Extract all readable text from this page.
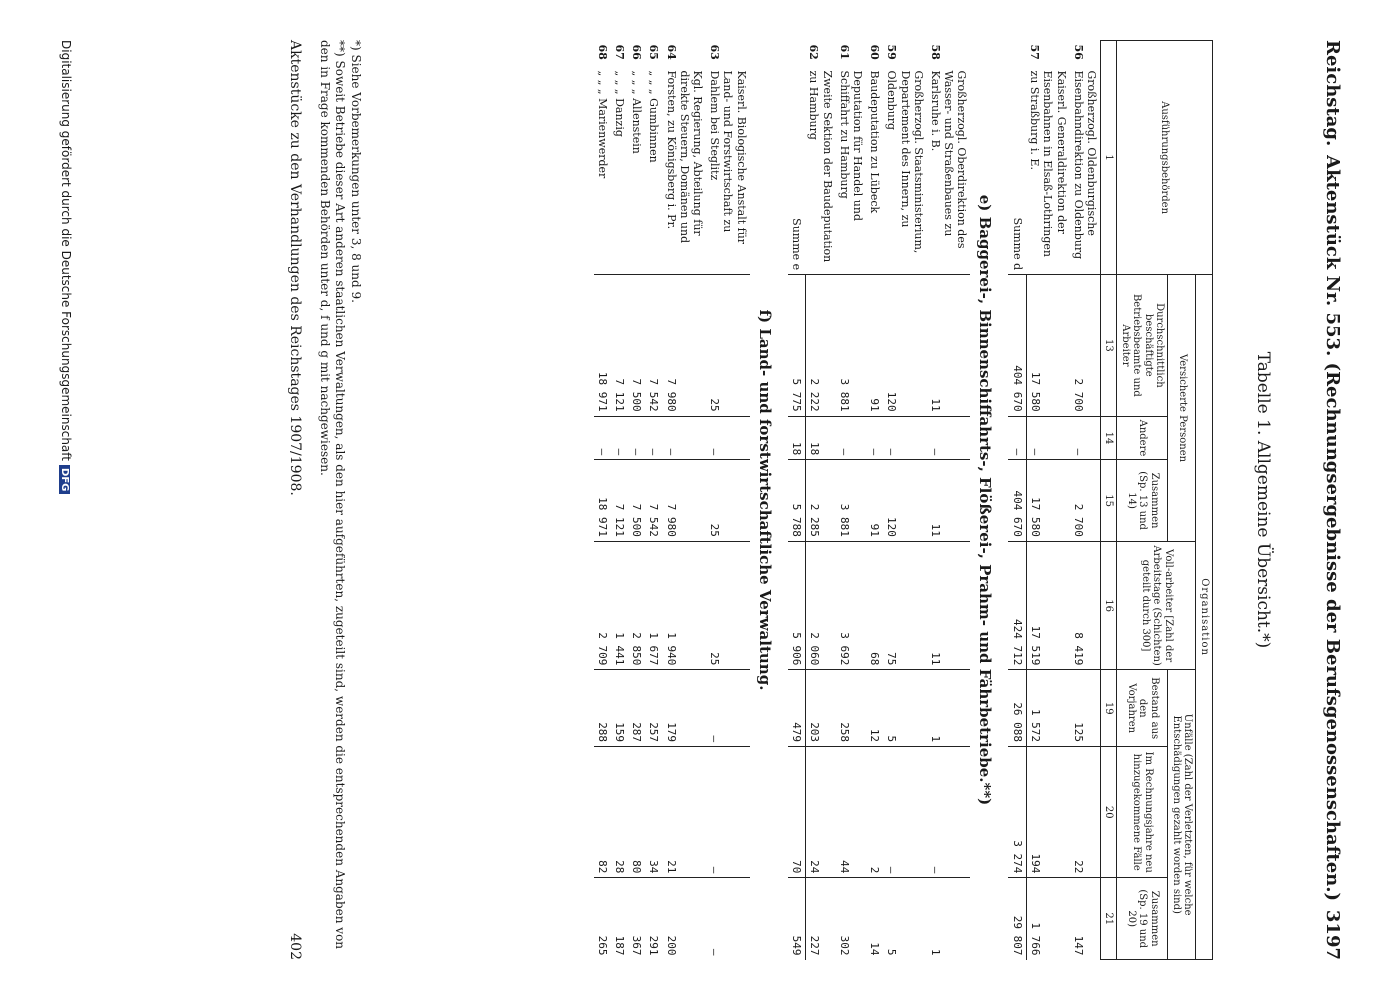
Reichstag.
Aktenstück Nr. 553. (Rechnungsergebnisse der Berufsgenossenschaften.)
3197
Tabelle 1. Allgemeine Übersicht.*)
Ausführungsbehörden		Organisation						
		Versicherte Personen			Voll-arbeiter [Zahl der Arbeitstage (Schichten) geteilt durch 300]	Unfälle (Zahl der Verletzten, für welche Entschädigungen gezahlt worden sind)		
		Durchschnittlich beschäftigte Betriebsbeamte und Arbeiter	Andere	Zusammen (Sp. 13 und 14)		Bestand aus den Vorjahren	Im Rechnungsjahre neu hinzugekommene Fälle	Zusammen (Sp. 19 und 20)
1		13	14	15	16	19	20	21
56	Großherzogl. Oldenburgische Eisenbahndirektion zu Oldenburg	2 700	—	2 700	8 419	125	22	147
57	Kaiserl. Generaldirektion der Eisenbahnen in Elsaß-Lothringen zu Straßburg i. E.	17 580	—	17 580	17 519	1 572	194	1 766
	Summe d	404 670	—	404 670	424 712	26 088	3 274	29 807
e) Baggerei-, Binnenschiffahrts-, Flößerei-, Prahm- und Fährbetriebe.**)								
58	Großherzogl. Oberdirektion des Wasser- und Straßenbaues zu Karlsruhe i. B.	11	—	11	11	1	—	1
59	Großherzogl. Staatsministerium, Departement des Innern, zu Oldenburg	120	—	120	75	5	—	5
60	Baudeputation zu Lübeck	91	—	91	68	12	2	14
61	Deputation für Handel und Schiffahrt zu Hamburg	3 881	—	3 881	3 692	258	44	302
62	Zweite Sektion der Baudeputation zu Hamburg	2 222	18	2 285	2 060	203	24	227
	Summe e	5 775	18	5 788	5 906	479	70	549
f) Land- und forstwirtschaftliche Verwaltung.								
63	Kaiserl. Biologische Anstalt für Land- und Forstwirtschaft zu Dahlem bei Steglitz	25	—	25	25	—	—	—
64	Kgl. Regierung, Abteilung für direkte Steuern, Domänen und Forsten, zu Königsberg i. Pr.	7 980	—	7 980	1 940	179	21	200
65	„ „ „ Gumbinnen	7 542	—	7 542	1 677	257	34	291
66	„ „ „ Allenstein	7 500	—	7 500	2 850	287	80	367
67	„ „ „ Danzig	7 121	—	7 121	1 441	159	28	187
68	„ „ „ Marienwerder	18 971	—	18 971	2 709	288	82	265
*) Siehe Vorbemerkungen unter 3, 8 und 9.
**) Soweit Betriebe dieser Art anderen staatlichen Verwaltungen, als den hier aufgeführten, zugeteilt sind, werden die entsprechenden Angaben von den in Frage kommenden Behörden unter d, f und g mit nachgewiesen.
Aktenstücke zu den Verhandlungen des Reichstages 1907/1908.
402
Digitalisierung gefördert durch die Deutsche ForschungsgemeinschaftDFG
